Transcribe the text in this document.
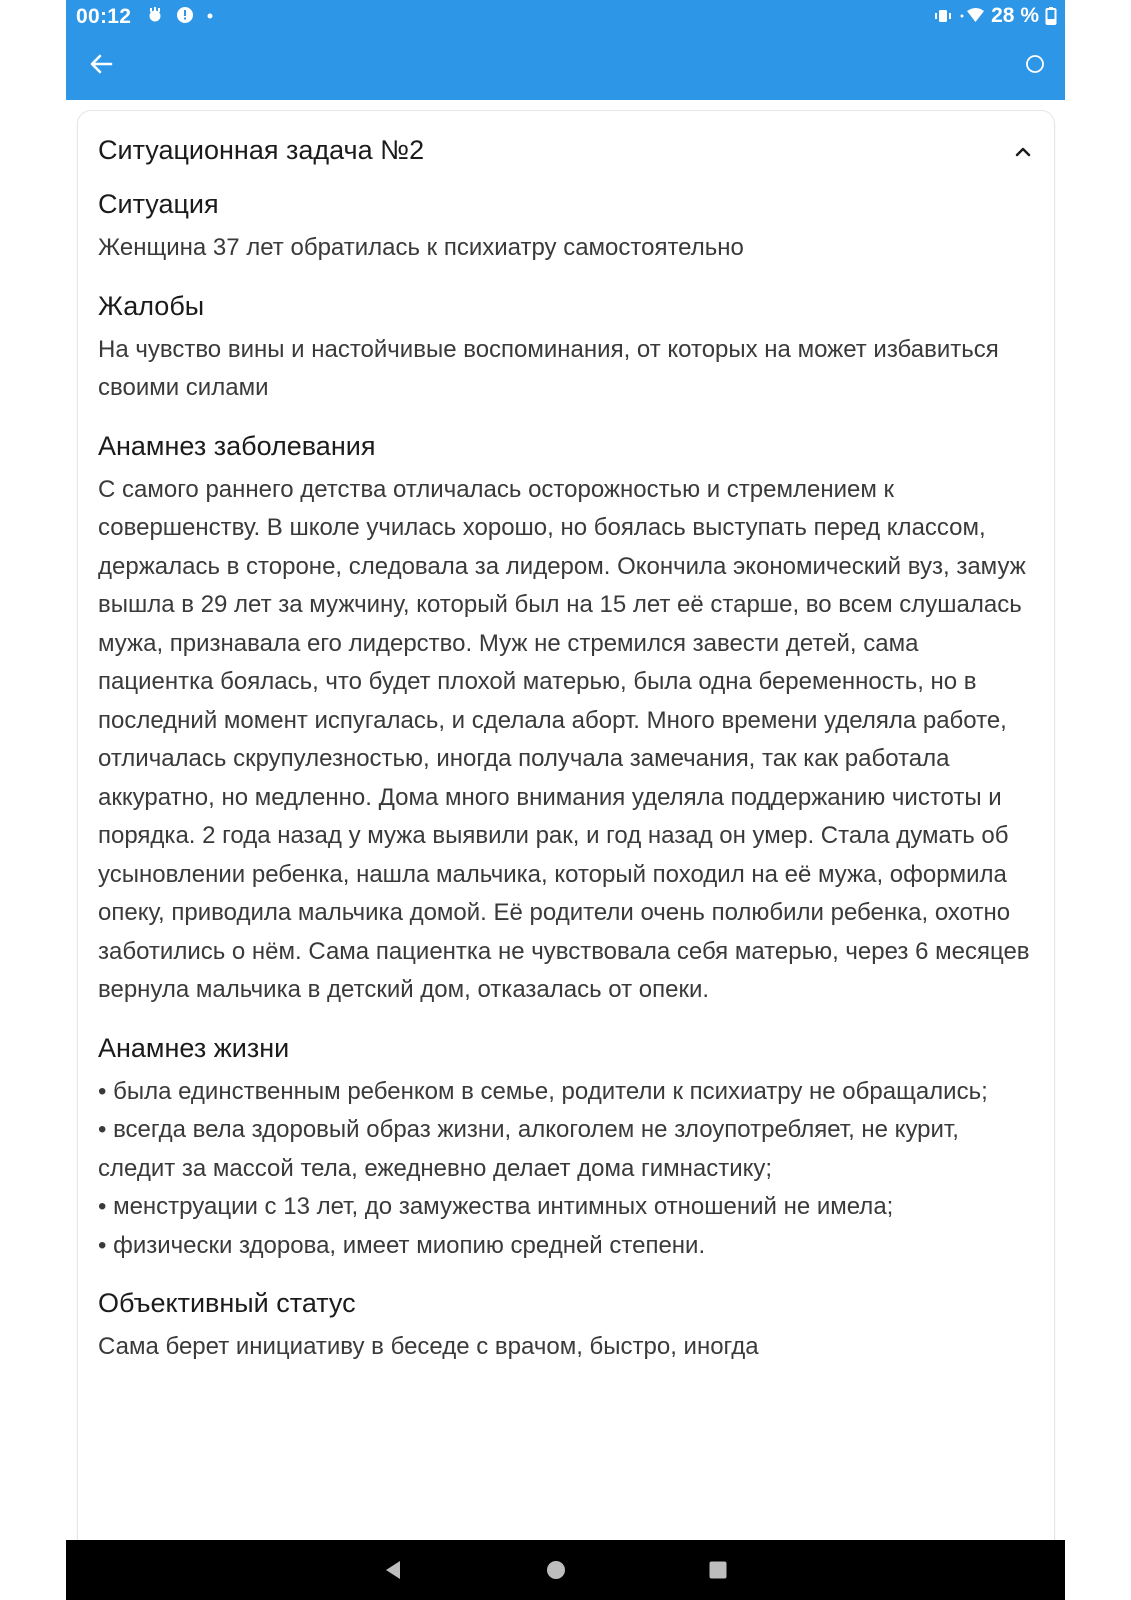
00:12	28 %
Ситуационная задача №2
Ситуация

Женщина 37 лет обратилась к психиатру самостоятельно

Жалобы

На чувство вины и настойчивые воспоминания, от которых на может избавиться своими силами

Анамнез заболевания

С самого раннего детства отличалась осторожностью и стремлением к совершенству. В школе училась хорошо, но боялась выступать перед классом, держалась в стороне, следовала за лидером. Окончила экономический вуз, замуж вышла в 29 лет за мужчину, который был на 15 лет её старше, во всем слушалась мужа, признавала его лидерство. Муж не стремился завести детей, сама пациентка боялась, что будет плохой матерью, была одна беременность, но в последний момент испугалась, и сделала аборт. Много времени уделяла работе, отличалась скрупулезностью, иногда получала замечания, так как работала аккуратно, но медленно. Дома много внимания уделяла поддержанию чистоты и порядка. 2 года назад у мужа выявили рак, и год назад он умер. Стала думать об усыновлении ребенка, нашла мальчика, который походил на её мужа, оформила опеку, приводила мальчика домой. Её родители очень полюбили ребенка, охотно заботились о нём. Сама пациентка не чувствовала себя матерью, через 6 месяцев вернула мальчика в детский дом, отказалась от опеки.

Анамнез жизни

• была единственным ребенком в семье, родители к психиатру не обращались;
• всегда вела здоровый образ жизни, алкоголем не злоупотребляет, не курит, следит за массой тела, ежедневно делает дома гимнастику;
• менструации с 13 лет, до замужества интимных отношений не имела;
• физически здорова, имеет миопию средней степени.

Объективный статус

Сама берет инициативу в беседе с врачом, быстро, иногда
